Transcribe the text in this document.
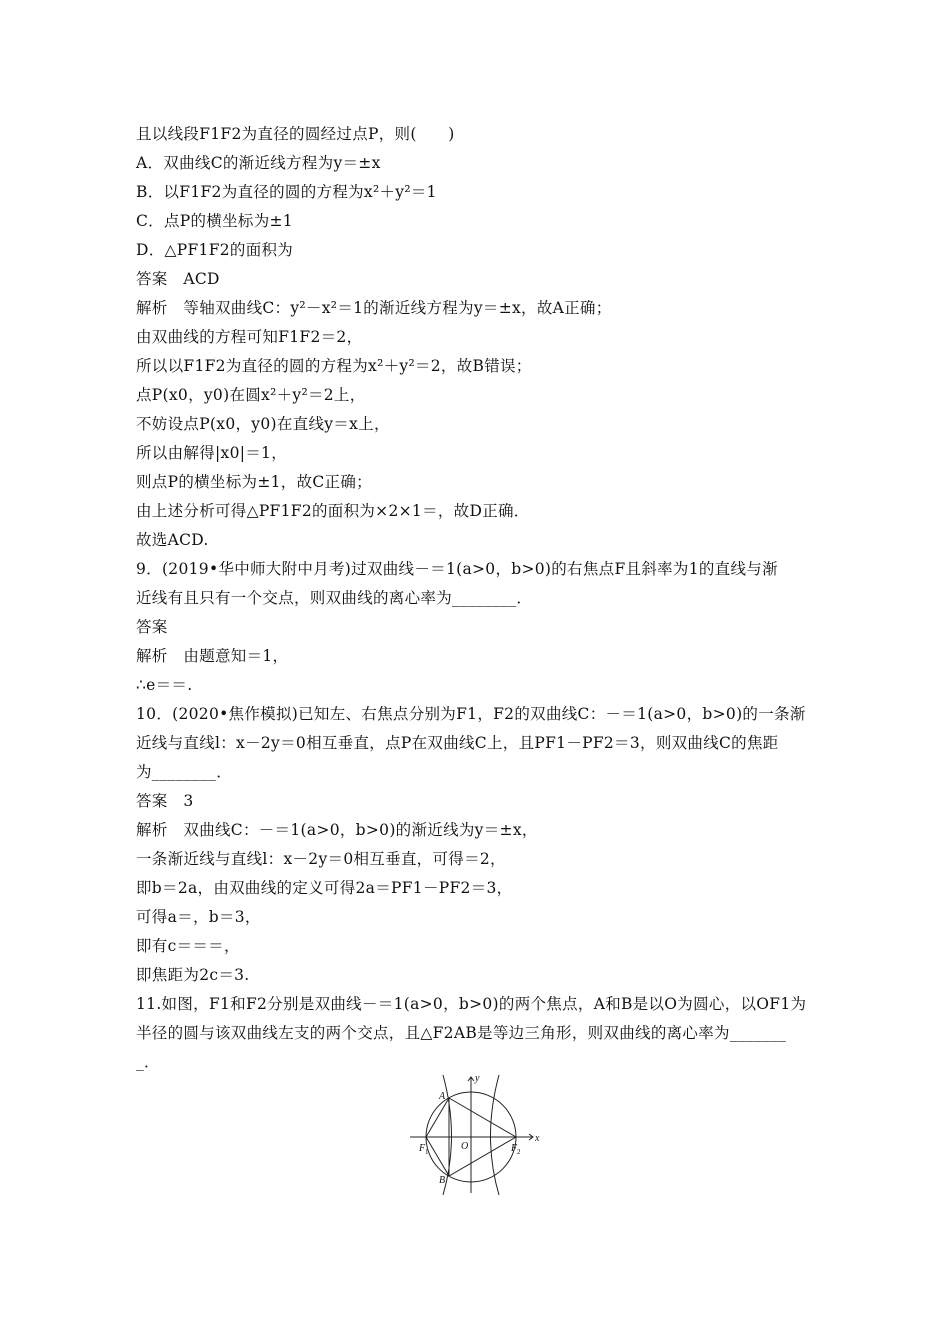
且以线段F1F2为直径的圆经过点P，则(　　)
A．双曲线C的渐近线方程为y＝±x
B．以F1F2为直径的圆的方程为x²＋y²＝1
C．点P的横坐标为±1
D．△PF1F2的面积为
答案　ACD
解析　等轴双曲线C：y²－x²＝1的渐近线方程为y＝±x，故A正确；
由双曲线的方程可知F1F2＝2，
所以以F1F2为直径的圆的方程为x²＋y²＝2，故B错误；
点P(x0，y0)在圆x²＋y²＝2上，
不妨设点P(x0，y0)在直线y＝x上，
所以由解得|x0|＝1，
则点P的横坐标为±1，故C正确；
由上述分析可得△PF1F2的面积为×2×1＝，故D正确．
故选ACD.
9．(2019•华中师大附中月考)过双曲线－＝1(a>0，b>0)的右焦点F且斜率为1的直线与渐
近线有且只有一个交点，则双曲线的离心率为________．
答案
解析　由题意知＝1，
∴e＝＝.
10．(2020•焦作模拟)已知左、右焦点分别为F1，F2的双曲线C：－＝1(a>0，b>0)的一条渐
近线与直线l：x－2y＝0相互垂直，点P在双曲线C上，且PF1－PF2＝3，则双曲线C的焦距
为________．
答案　3
解析　双曲线C：－＝1(a>0，b>0)的渐近线为y＝±x，
一条渐近线与直线l：x－2y＝0相互垂直，可得＝2，
即b＝2a，由双曲线的定义可得2a＝PF1－PF2＝3，
可得a＝，b＝3，
即有c＝＝＝，
即焦距为2c＝3.
11.如图，F1和F2分别是双曲线－＝1(a>0，b>0)的两个焦点，A和B是以O为圆心，以OF1为
半径的圆与该双曲线左支的两个交点，且△F2AB是等边三角形，则双曲线的离心率为_______
_．
A
B
O
F 1	F 2
x
y
